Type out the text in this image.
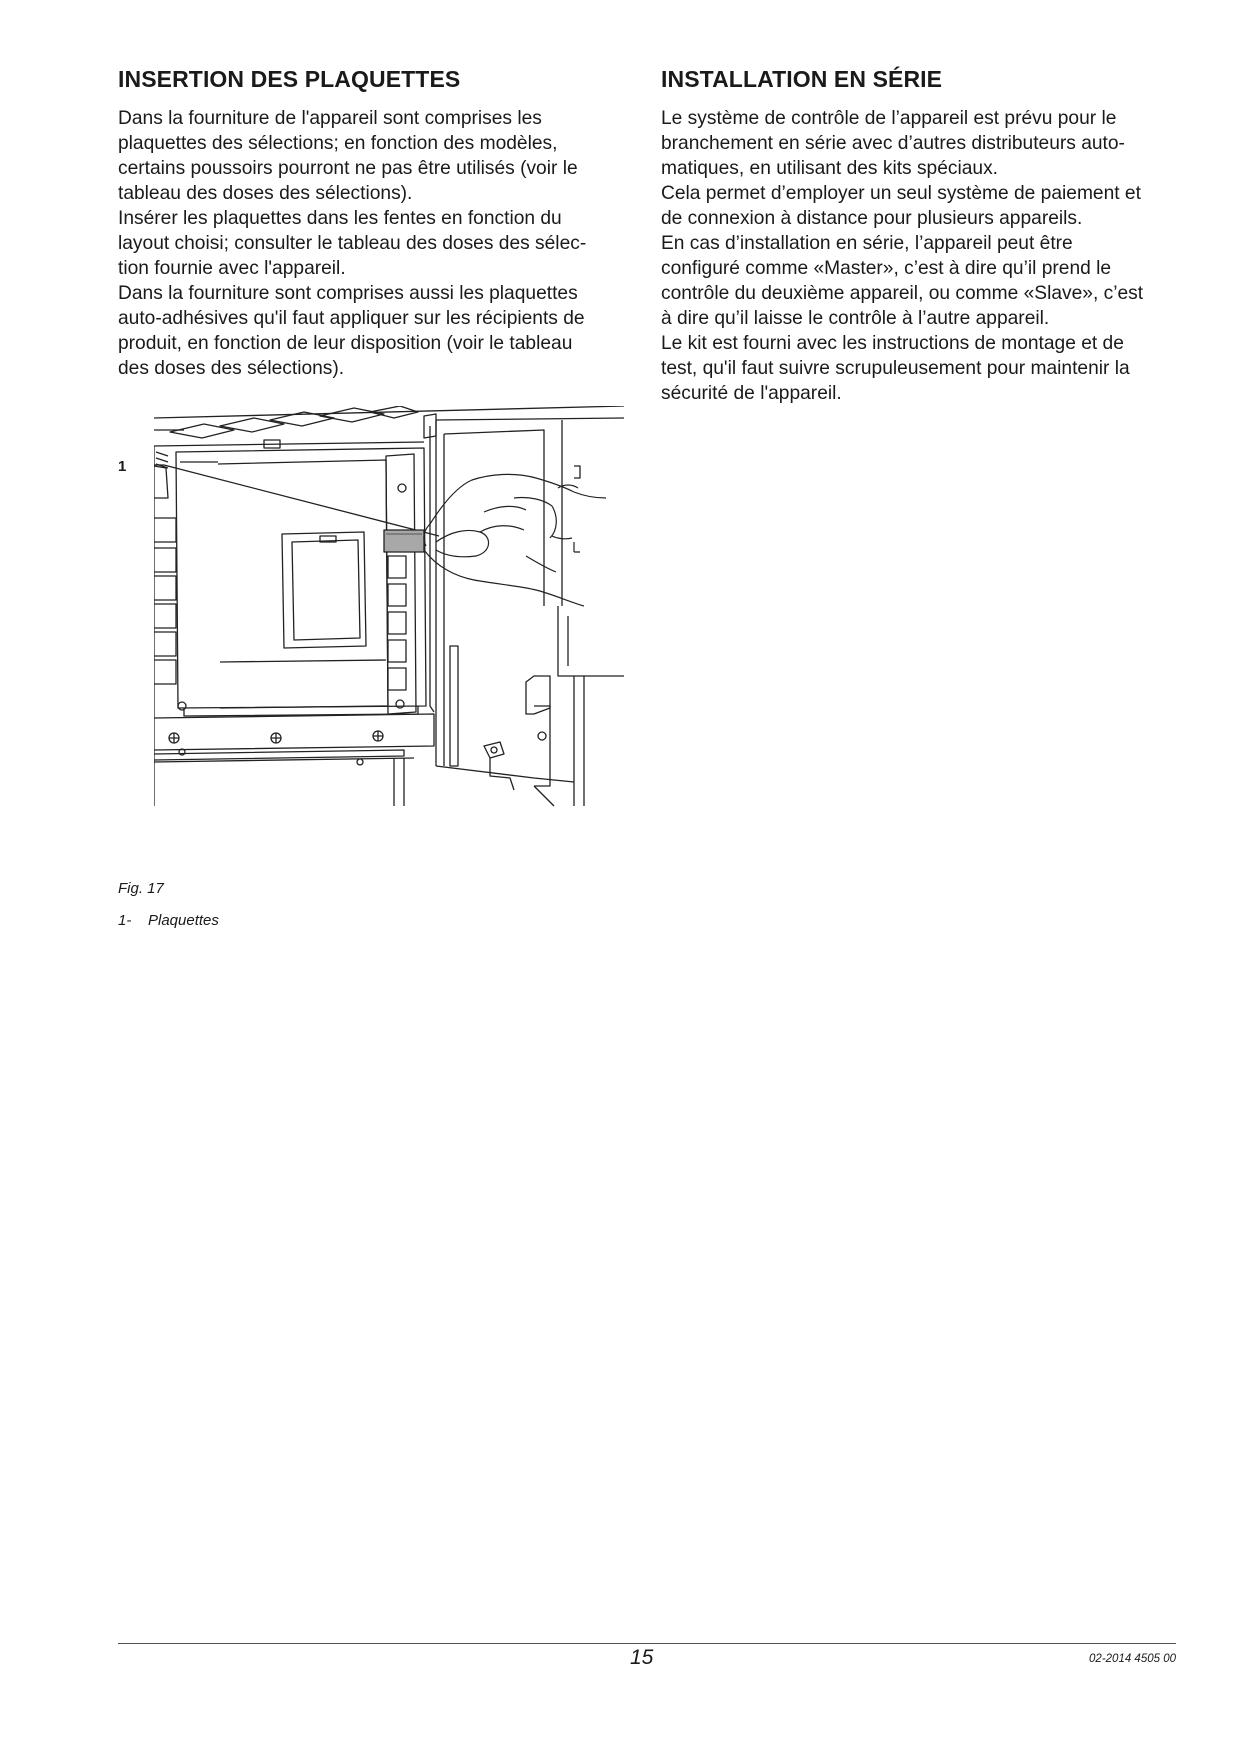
INSERTION DES PLAQUETTES

Dans la fourniture de l'appareil sont comprises les

plaquettes des sélections; en fonction des modèles,

certains poussoirs pourront ne pas être utilisés (voir le

tableau des doses des sélections).

Insérer les plaquettes dans les fentes en fonction du

layout choisi; consulter le tableau des doses des sélec-

tion fournie avec l'appareil.

Dans la fourniture sont comprises aussi les plaquettes

auto-adhésives qu'il faut appliquer sur les récipients de

produit, en fonction de leur disposition (voir le tableau

des doses des sélections).

INSTALLATION EN SÉRIE

Le système de contrôle de l’appareil est prévu pour le

branchement en série avec d’autres distributeurs auto-

matiques, en utilisant des kits spéciaux.

Cela permet d’employer un seul système de paiement et

de connexion à distance pour plusieurs appareils.

En cas d’installation en série, l’appareil peut être

configuré comme «Master», c’est à dire qu’il prend le

contrôle du deuxième appareil, ou comme «Slave», c’est

à dire qu’il laisse le contrôle à l’autre appareil.

Le kit est fourni avec les instructions de montage et de

test, qu'il faut suivre scrupuleusement pour maintenir la

sécurité de l'appareil.

1
Fig. 17
1- Plaquettes
15	02-2014 4505 00
